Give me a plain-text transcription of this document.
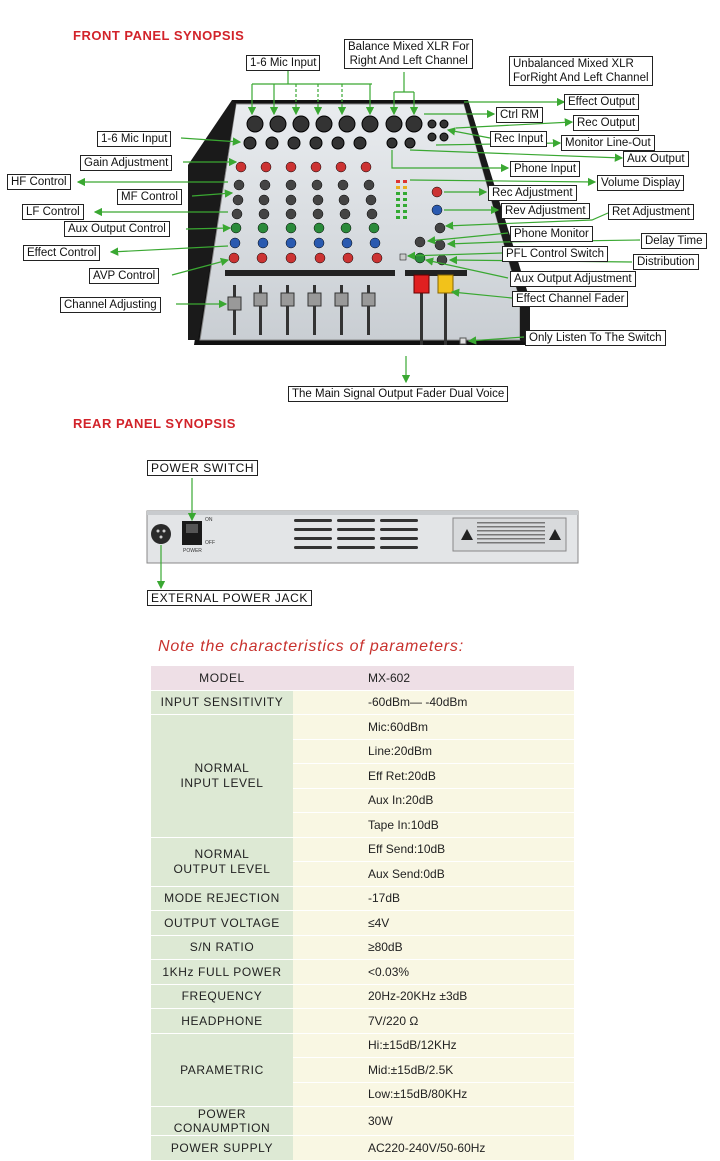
FRONT PANEL SYNOPSIS
1-6 Mic Input
Balance Mixed XLR For
Right And Left Channel	Unbalanced Mixed XLR
ForRight And Left Channel
Effect Output
Ctrl RM
Rec Output
Rec Input	Monitor Line-Out
Aux Output
1-6 Mic Input
Gain Adjustment
HF Control
MF Control
LF Control
Aux Output Control
Effect Control
AVP Control
Channel Adjusting
Phone Input
Volume Display
Rec Adjustment
Rev Adjustment	Ret Adjustment
Phone Monitor
Delay Time
PFL Control Switch
Distribution
Aux Output Adjustment
Effect Channel Fader
Only Listen To The Switch
The Main Signal Output Fader Dual Voice
REAR PANEL SYNOPSIS
ON
OFF
POWER
POWER SWITCH
EXTERNAL POWER JACK
Note the characteristics of parameters:
MODEL	MX-602
INPUT SENSITIVITY	-60dBm— -40dBm

NORMAL
INPUT LEVEL	Mic:60dBm
	Line:20dBm
	Eff Ret:20dB
	Aux In:20dB
	Tape In:10dB

NORMAL
OUTPUT LEVEL	Eff Send:10dB
	Aux Send:0dB
MODE REJECTION	-17dB
OUTPUT VOLTAGE	≤4V
S/N RATIO	≥80dB
1KHz FULL POWER	<0.03%
FREQUENCY	20Hz-20KHz ±3dB
HEADPHONE	7V/220 Ω
PARAMETRIC	Hi:±15dB/12KHz
	Mid:±15dB/2.5K
	Low:±15dB/80KHz
POWER CONAUMPTION	30W
POWER SUPPLY	AC220-240V/50-60Hz
